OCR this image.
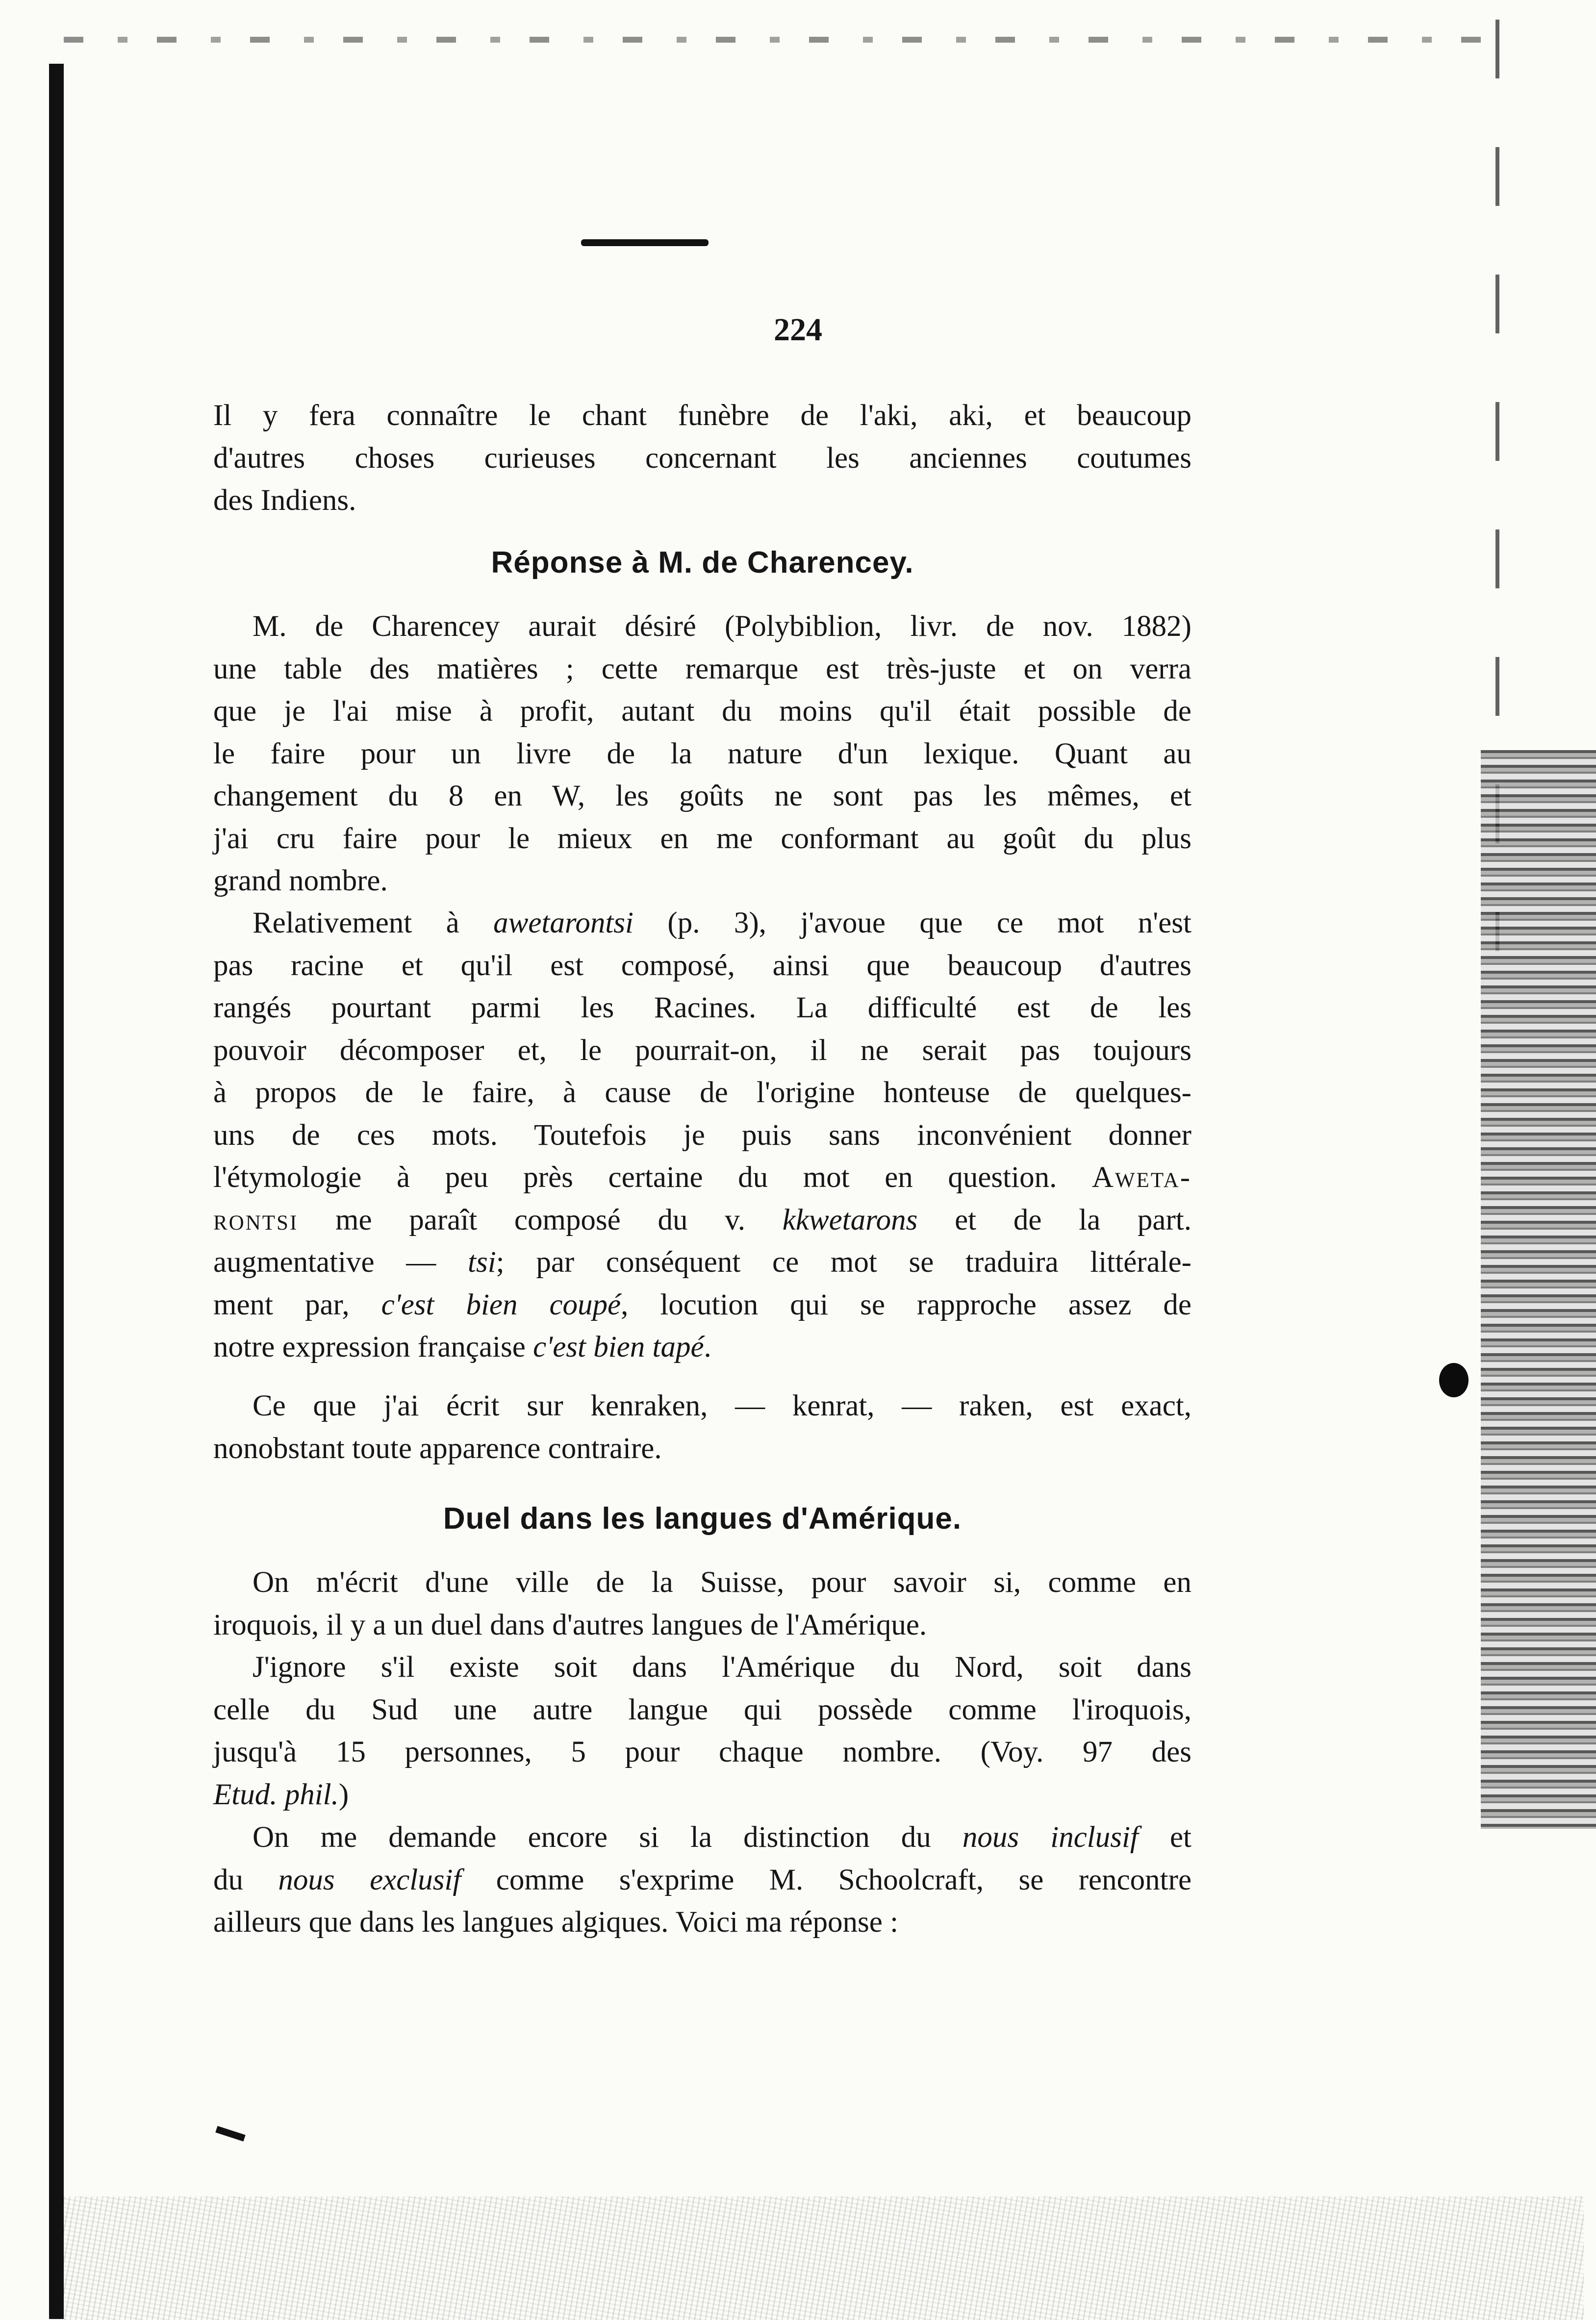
224

Il y fera connaître le chant funèbre de l'aki, aki, et beaucoup

d'autres choses curieuses concernant les anciennes coutumes

des Indiens.

Réponse à M. de Charencey.

M. de Charencey aurait désiré (Polybiblion, livr. de nov. 1882)

une table des matières ; cette remarque est très-juste et on verra

que je l'ai mise à profit, autant du moins qu'il était possible de

le faire pour un livre de la nature d'un lexique. Quant au

changement du 8 en W, les goûts ne sont pas les mêmes, et

j'ai cru faire pour le mieux en me conformant au goût du plus

grand nombre.

Relativement à awetarontsi (p. 3), j'avoue que ce mot n'est

pas racine et qu'il est composé, ainsi que beaucoup d'autres

rangés pourtant parmi les Racines. La difficulté est de les

pouvoir décomposer et, le pourrait-on, il ne serait pas toujours

à propos de le faire, à cause de l'origine honteuse de quelques-

uns de ces mots. Toutefois je puis sans inconvénient donner

l'étymologie à peu près certaine du mot en question. Aweta-

rontsi me paraît composé du v. kkwetarons et de la part.

augmentative — tsi; par conséquent ce mot se traduira littérale-

ment par, c'est bien coupé, locution qui se rapproche assez de

notre expression française c'est bien tapé.

Ce que j'ai écrit sur kenraken, — kenrat, — raken, est exact,

nonobstant toute apparence contraire.

Duel dans les langues d'Amérique.

On m'écrit d'une ville de la Suisse, pour savoir si, comme en

iroquois, il y a un duel dans d'autres langues de l'Amérique.

J'ignore s'il existe soit dans l'Amérique du Nord, soit dans

celle du Sud une autre langue qui possède comme l'iroquois,

jusqu'à 15 personnes, 5 pour chaque nombre. (Voy. 97 des

Etud. phil.)

On me demande encore si la distinction du nous inclusif et

du nous exclusif comme s'exprime M. Schoolcraft, se rencontre

ailleurs que dans les langues algiques. Voici ma réponse :
